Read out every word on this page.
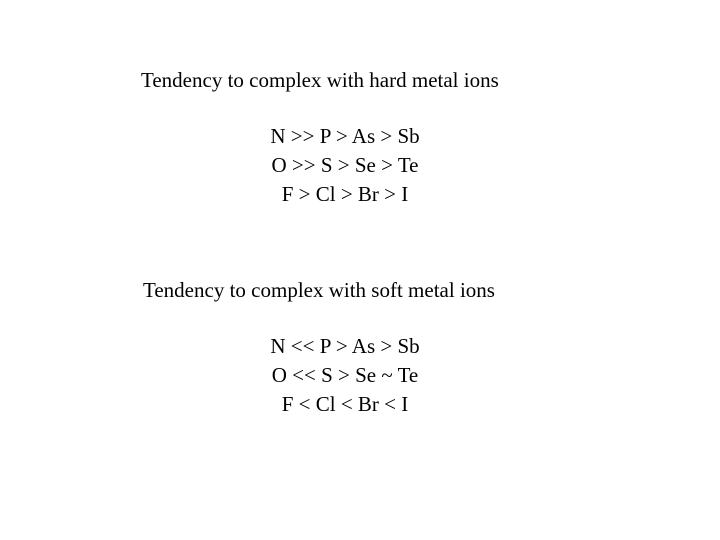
Tendency to complex with hard metal ions
N >> P > As > Sb
O >> S > Se > Te
F > Cl > Br > I
Tendency to complex with soft metal ions
N << P > As > Sb
O << S > Se ~ Te
F < Cl < Br < I
